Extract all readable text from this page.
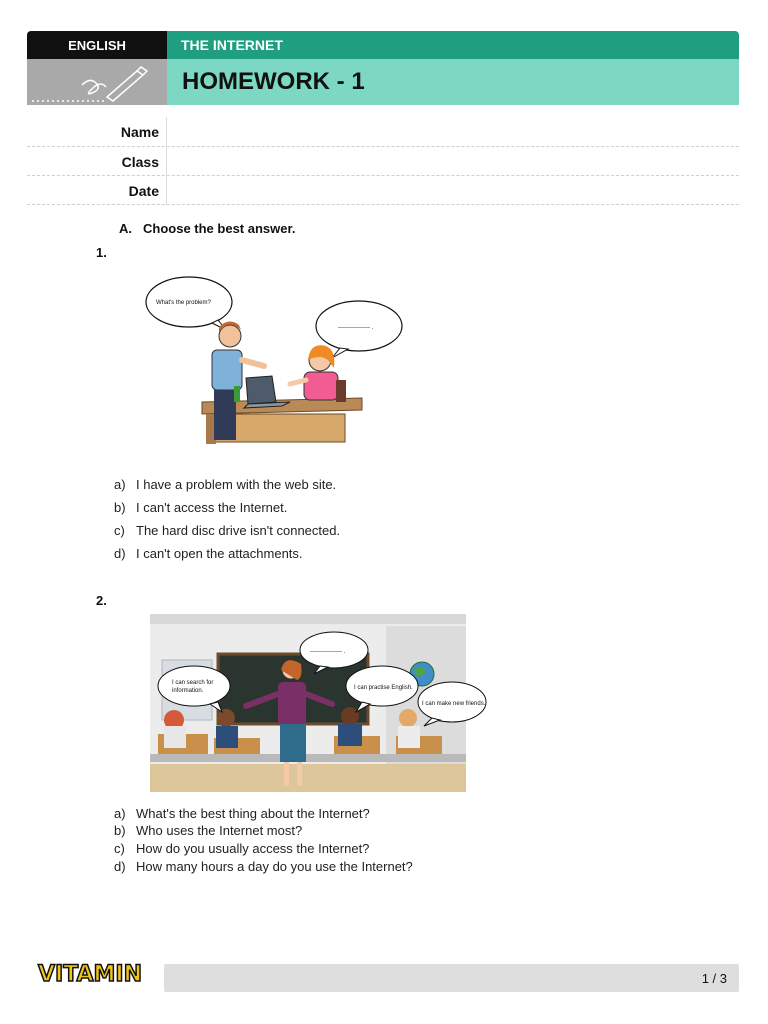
ENGLISH	THE INTERNET
HOMEWORK - 1
Name
Class
Date
A. Choose the best answer.
1.
What's the problem?
---------------- .
a) I have a problem with the web site.
b) I can't access the Internet.
c) The hard disc drive isn't connected.
d) I can't open the attachments.
2.
---------------- .
I can search for
information.	I can practise English.
I can make new friends.
a) What's the best thing about the Internet?
b) Who uses the Internet most?
c) How do you usually access the Internet?
d) How many hours a day do you use the Internet?
VITAMIN	1 / 3
